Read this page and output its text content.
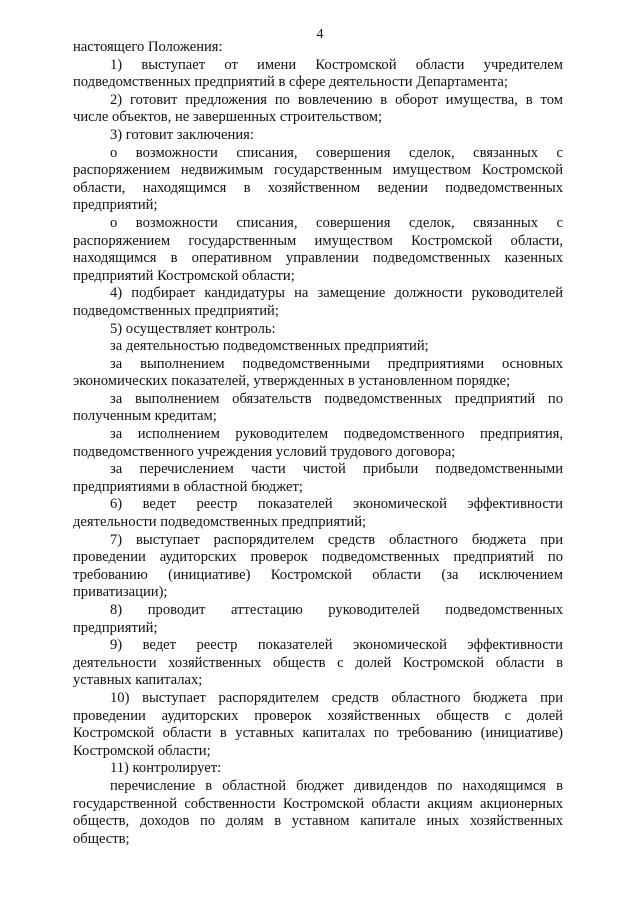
4

настоящего Положения:

1) выступает от имени Костромской области учредителем подведомственных предприятий в сфере деятельности Департамента;

2) готовит предложения по вовлечению в оборот имущества, в том числе объектов, не завершенных строительством;

3) готовит заключения:

о возможности списания, совершения сделок, связанных с распоряжением недвижимым государственным имуществом Костромской области, находящимся в хозяйственном ведении подведомственных предприятий;

о возможности списания, совершения сделок, связанных с распоряжением государственным имуществом Костромской области, находящимся в оперативном управлении подведомственных казенных предприятий Костромской области;

4) подбирает кандидатуры на замещение должности руководителей подведомственных предприятий;

5) осуществляет контроль:

за деятельностью подведомственных предприятий;

за выполнением подведомственными предприятиями основных экономических показателей, утвержденных в установленном порядке;

за выполнением обязательств подведомственных предприятий по полученным кредитам;

за исполнением руководителем подведомственного предприятия, подведомственного учреждения условий трудового договора;

за перечислением части чистой прибыли подведомственными предприятиями в областной бюджет;

6) ведет реестр показателей экономической эффективности деятельности подведомственных предприятий;

7) выступает распорядителем средств областного бюджета при проведении аудиторских проверок подведомственных предприятий по требованию (инициативе) Костромской области (за исключением приватизации);

8) проводит аттестацию руководителей подведомственных предприятий;

9) ведет реестр показателей экономической эффективности деятельности хозяйственных обществ с долей Костромской области в уставных капиталах;

10) выступает распорядителем средств областного бюджета при проведении аудиторских проверок хозяйственных обществ с долей Костромской области в уставных капиталах по требованию (инициативе) Костромской области;

11) контролирует:

перечисление в областной бюджет дивидендов по находящимся в государственной собственности Костромской области акциям акционерных обществ, доходов по долям в уставном капитале иных хозяйственных обществ;
